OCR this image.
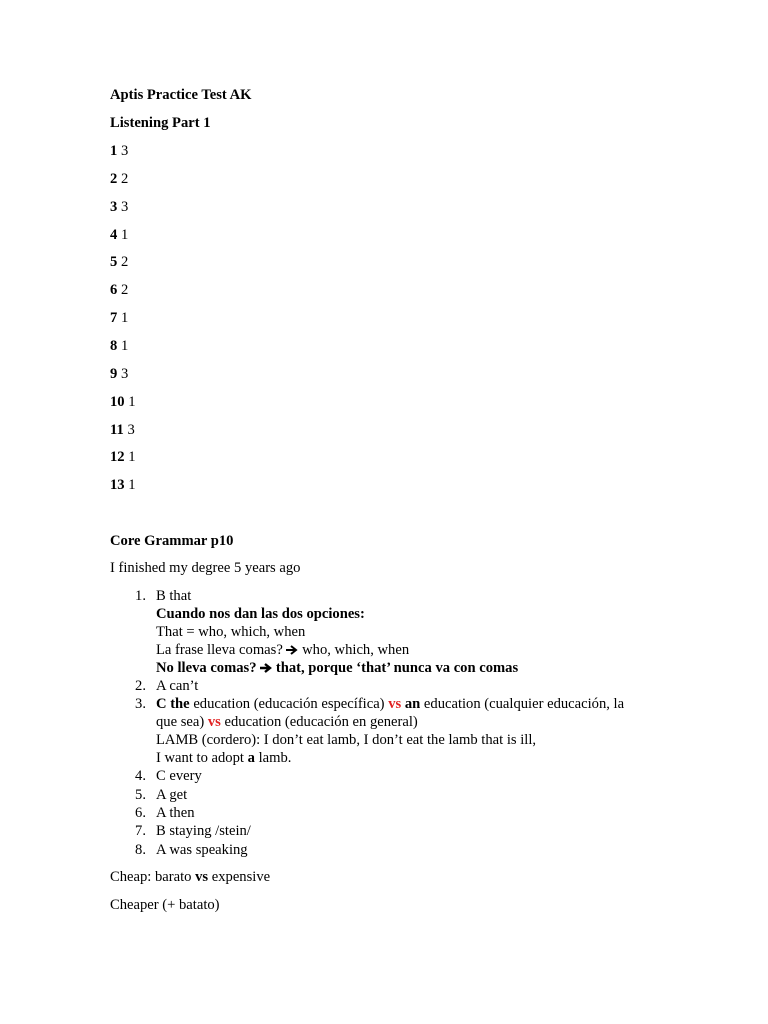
Aptis Practice Test AK
Listening Part 1
1 3
2 2
3 3
4 1
5 2
6 2
7 1
8 1
9 3
10 1
11 3
12 1
13 1
Core Grammar p10
I finished my degree 5 years ago
1. B that
Cuando nos dan las dos opciones:
That = who, which, when
La frase lleva comas? who, which, when
No lleva comas? that, porque ‘that’ nunca va con comas
2. A can’t
3. C the education (educación específica) vs an education (cualquier educación, la
que sea) vs education (educación en general)
LAMB (cordero): I don’t eat lamb, I don’t eat the lamb that is ill,
I want to adopt a lamb.
4. C every
5. A get
6. A then
7. B staying /stein/
8. A was speaking
Cheap: barato vs expensive
Cheaper (+ batato)
